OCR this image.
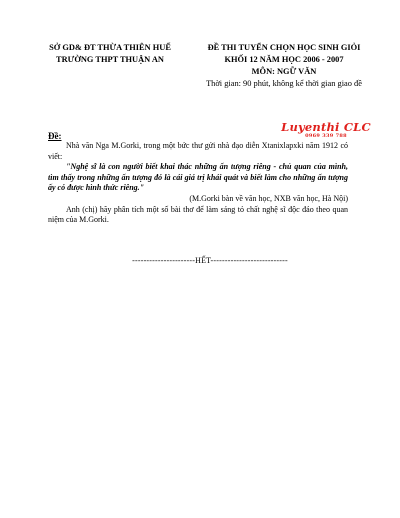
SỞ GD& ĐT THỪA THIÊN HUẾ
TRƯỜNG THPT THUẬN AN
ĐỀ THI TUYỂN CHỌN HỌC SINH GIỎI
KHỐI 12 NĂM HỌC 2006 - 2007
MÔN: NGỮ VĂN
Thời gian: 90 phút, không kể thời gian giao đề
Luyenthi CLC
0969 339 788
Đề:

Nhà văn Nga M.Gorki, trong một bức thư gửi nhà đạo diễn Xtanixlapxki năm 1912 có viết:

"Nghệ sĩ là con người biết khai thác những ấn tượng riêng - chủ quan của mình, tìm thấy trong những ấn tượng đó là cái giá trị khái quát và biết làm cho những ấn tượng ấy có được hình thức riêng."

(M.Gorki bàn về văn học, NXB văn học, Hà Nội)

Anh (chị) hãy phân tích một số bài thơ để làm sáng tỏ chất nghệ sĩ độc đáo theo quan niệm của M.Gorki.

----------------------HẾT---------------------------
